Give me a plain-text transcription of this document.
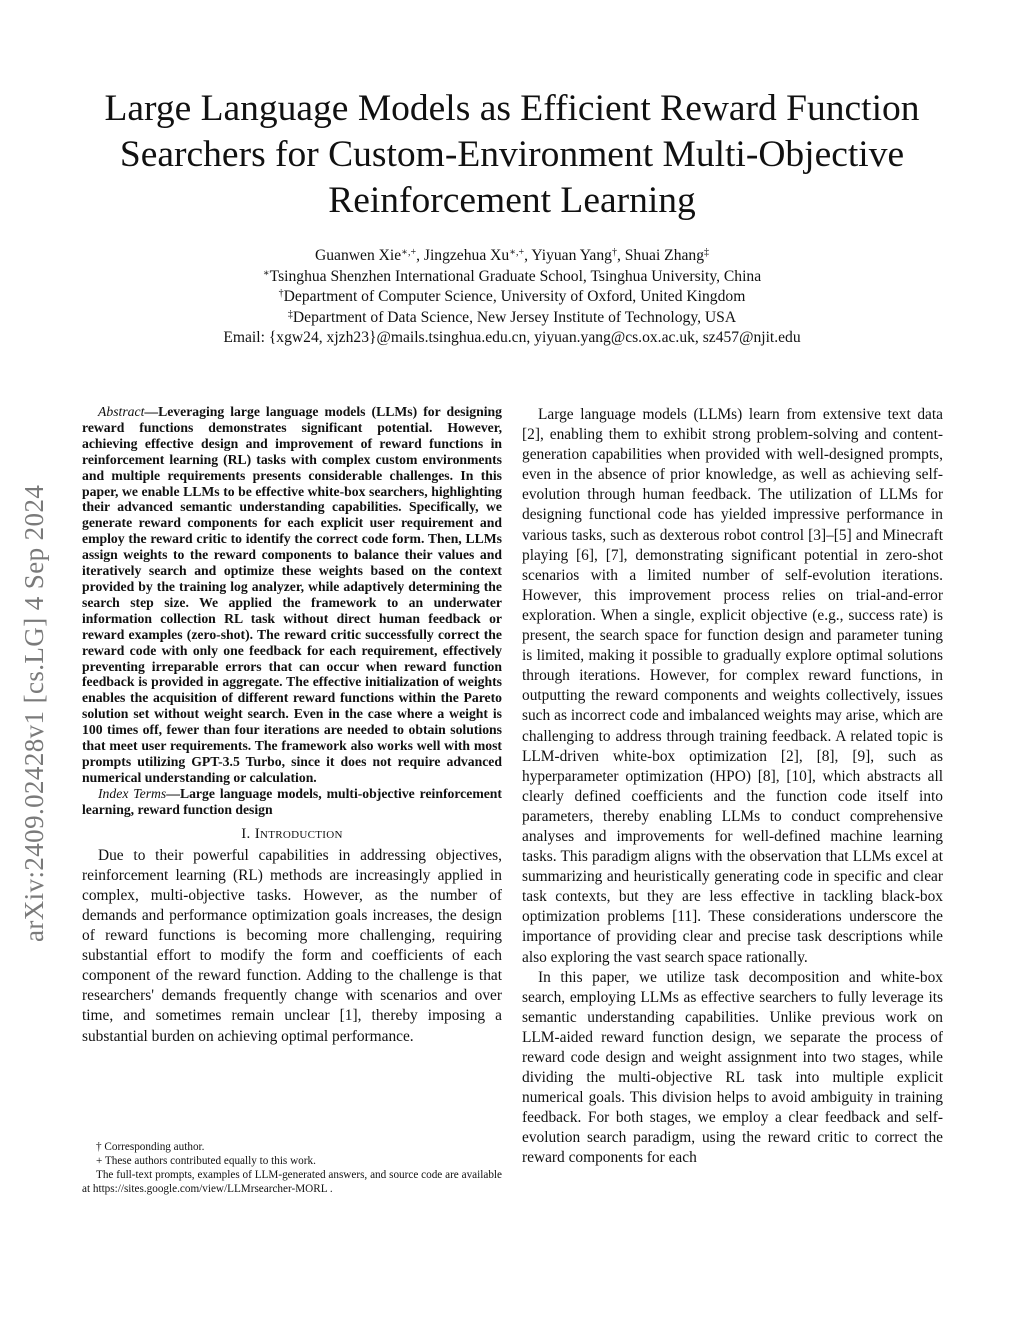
Large Language Models as Efficient Reward Function Searchers for Custom-Environment Multi-Objective Reinforcement Learning
Guanwen Xie∗,+, Jingzehua Xu∗,+, Yiyuan Yang†, Shuai Zhang‡
∗Tsinghua Shenzhen International Graduate School, Tsinghua University, China
†Department of Computer Science, University of Oxford, United Kingdom
‡Department of Data Science, New Jersey Institute of Technology, USA
Email: {xgw24, xjzh23}@mails.tsinghua.edu.cn, yiyuan.yang@cs.ox.ac.uk, sz457@njit.edu
arXiv:2409.02428v1 [cs.LG] 4 Sep 2024

Abstract—Leveraging large language models (LLMs) for designing reward functions demonstrates significant potential. However, achieving effective design and improvement of reward functions in reinforcement learning (RL) tasks with complex custom environments and multiple requirements presents considerable challenges. In this paper, we enable LLMs to be effective white-box searchers, highlighting their advanced semantic understanding capabilities. Specifically, we generate reward components for each explicit user requirement and employ the reward critic to identify the correct code form. Then, LLMs assign weights to the reward components to balance their values and iteratively search and optimize these weights based on the context provided by the training log analyzer, while adaptively determining the search step size. We applied the framework to an underwater information collection RL task without direct human feedback or reward examples (zero-shot). The reward critic successfully correct the reward code with only one feedback for each requirement, effectively preventing irreparable errors that can occur when reward function feedback is provided in aggregate. The effective initialization of weights enables the acquisition of different reward functions within the Pareto solution set without weight search. Even in the case where a weight is 100 times off, fewer than four iterations are needed to obtain solutions that meet user requirements. The framework also works well with most prompts utilizing GPT-3.5 Turbo, since it does not require advanced numerical understanding or calculation.

Index Terms—Large language models, multi-objective reinforcement learning, reward function design

I. Introduction

Due to their powerful capabilities in addressing objectives, reinforcement learning (RL) methods are increasingly applied in complex, multi-objective tasks. However, as the number of demands and performance optimization goals increases, the design of reward functions is becoming more challenging, requiring substantial effort to modify the form and coefficients of each component of the reward function. Adding to the challenge is that researchers' demands frequently change with scenarios and over time, and sometimes remain unclear [1], thereby imposing a substantial burden on achieving optimal performance.

† Corresponding author.
+ These authors contributed equally to this work.
The full-text prompts, examples of LLM-generated answers, and source code are available at https://sites.google.com/view/LLMrsearcher-MORL .

Large language models (LLMs) learn from extensive text data [2], enabling them to exhibit strong problem-solving and content-generation capabilities when provided with well-designed prompts, even in the absence of prior knowledge, as well as achieving self-evolution through human feedback. The utilization of LLMs for designing functional code has yielded impressive performance in various tasks, such as dexterous robot control [3]–[5] and Minecraft playing [6], [7], demonstrating significant potential in zero-shot scenarios with a limited number of self-evolution iterations. However, this improvement process relies on trial-and-error exploration. When a single, explicit objective (e.g., success rate) is present, the search space for function design and parameter tuning is limited, making it possible to gradually explore optimal solutions through iterations. However, for complex reward functions, in outputting the reward components and weights collectively, issues such as incorrect code and imbalanced weights may arise, which are challenging to address through training feedback. A related topic is LLM-driven white-box optimization [2], [8], [9], such as hyperparameter optimization (HPO) [8], [10], which abstracts all clearly defined coefficients and the function code itself into parameters, thereby enabling LLMs to conduct comprehensive analyses and improvements for well-defined machine learning tasks. This paradigm aligns with the observation that LLMs excel at summarizing and heuristically generating code in specific and clear task contexts, but they are less effective in tackling black-box optimization problems [11]. These considerations underscore the importance of providing clear and precise task descriptions while also exploring the vast search space rationally.

In this paper, we utilize task decomposition and white-box search, employing LLMs as effective searchers to fully leverage its semantic understanding capabilities. Unlike previous work on LLM-aided reward function design, we separate the process of reward code design and weight assignment into two stages, while dividing the multi-objective RL task into multiple explicit numerical goals. This division helps to avoid ambiguity in training feedback. For both stages, we employ a clear feedback and self-evolution search paradigm, using the reward critic to correct the reward components for each
